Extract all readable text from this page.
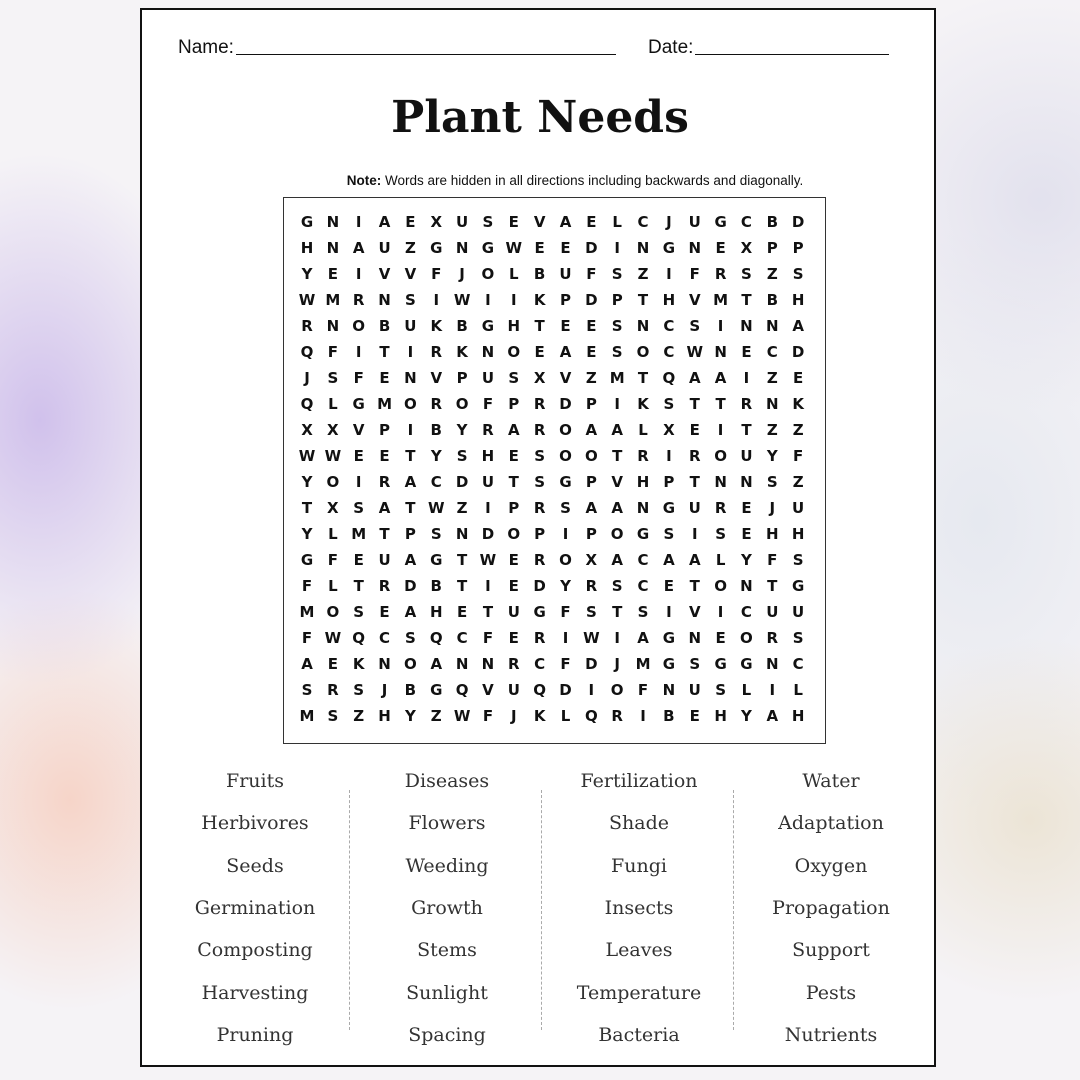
Name:	Date:
Plant Needs
Note: Words are hidden in all directions including backwards and diagonally.
G N	I	A E X U S	E V A E	L	C	J	U G C B D
H N A U Z G N G W E	E D	I	N G N E X P P
Y	E	I	V V F	J	O L	B U F	S	Z	I	F R S	Z	S
W M R N S	I W I	I	K P D P	T H V M T	B H
R N O B U K B G H T	E	E	S N C S	I	N N A
Q F	I	T	I	R K N O E A E	S O C W N E	C D
J	S	F	E N V P U S X V Z M T Q A A	I	Z	E
Q L G M O R O F	P R D P	I	K S	T	T R N K
X X V P	I	B Y R A R O A A	L	X E	I	T	Z Z
W W E	E	T	Y	S H E	S O O T R	I	R O U Y	F
Y O	I	R A C D U T	S G P V H P	T N N S Z
T X S A T W Z	I	P R S A A N G U R E	J	U
Y	L M T	P S N D O P	I	P O G S	I	S	E H H
G F	E U A G T W E R O X A C A A	L	Y	F	S
F	L	T R D B	T	I	E D Y R S C	E	T O N T G
M O S	E A H E	T U G F	S	T	S	I	V	I	C U U
F W Q C S Q C	F	E R	I W I	A G N E O R S
A E K N O A N N R C	F D	J	M G S G G N C
S R S	J	B G Q V U Q D	I	O F N U S	L	I	L
M S Z H Y Z W F	J	K	L Q R	I	B	E H Y A H
Fruits
Herbivores
Seeds
Germination
Composting
Harvesting
Pruning
Diseases
Flowers
Weeding
Growth
Stems
Sunlight
Spacing
Fertilization
Shade
Fungi
Insects
Leaves
Temperature
Bacteria
Water
Adaptation
Oxygen
Propagation
Support
Pests
Nutrients
